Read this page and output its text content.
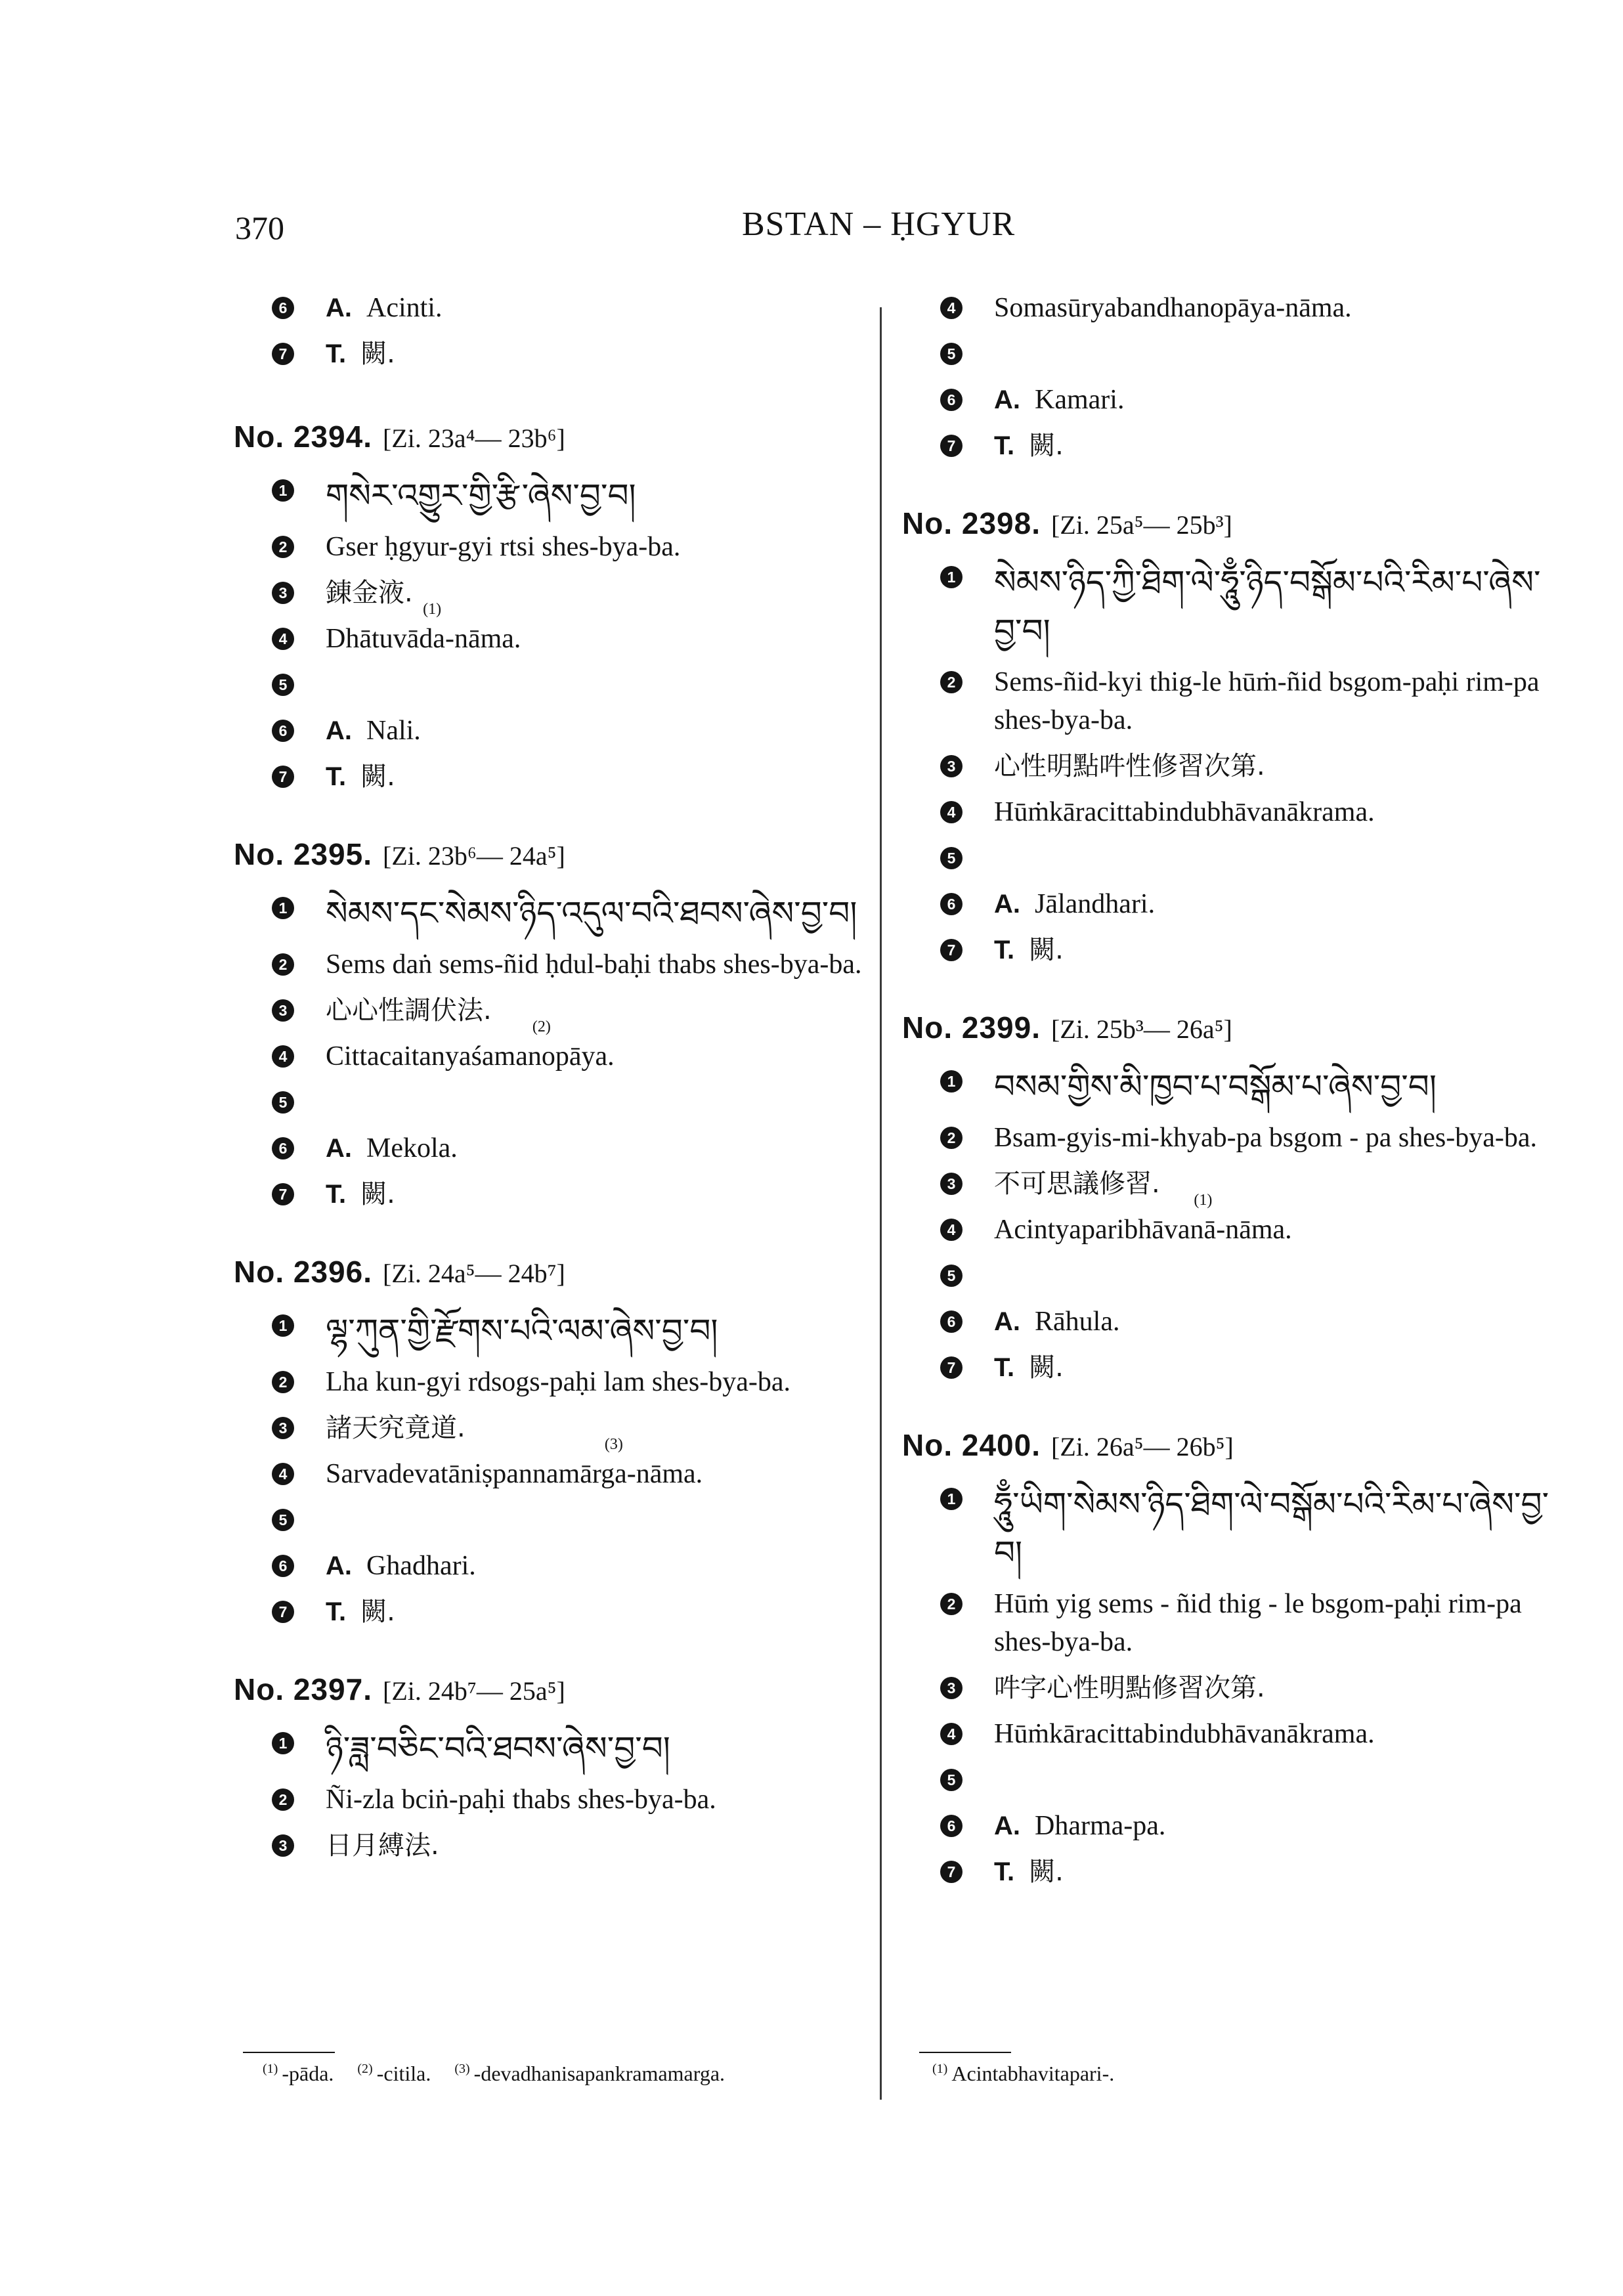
370	BSTAN – ḤGYUR
6 A. Acinti.
7 T. 闕.
No. 2394. [Zi. 23a⁴— 23b⁶]
1 གསེར་འགྱུར་གྱི་རྩི་ཞེས་བྱ་བ།
2 Gser ḥgyur-gyi rtsi shes-bya-ba.
3 錬金液.
4 Dhātuvāda
(1)
-nāma.
5
6 A. Nali.
7 T. 闕.
No. 2395. [Zi. 23b⁶— 24a⁵]
1 སེམས་དང་སེམས་ཉིད་འདུལ་བའི་ཐབས་ཞེས་བྱ་བ།
2 Sems daṅ sems-ñid ḥdul-baḥi thabs shes-bya-ba.
3 心心性調伏法.
4 Cittacaitanyaśamano
(2)
pāya.
5
6 A. Mekola.
7 T. 闕.
No. 2396. [Zi. 24a⁵— 24b⁷]
1 ལྷ་ཀུན་གྱི་རྫོགས་པའི་ལམ་ཞེས་བྱ་བ།
2 Lha kun-gyi rdsogs-paḥi lam shes-bya-ba.
3 諸天究竟道.
4 Sarvadevatāniṣpannamārga
(3)
-nāma.
5
6 A. Ghadhari.
7 T. 闕.
No. 2397. [Zi. 24b⁷— 25a⁵]
1 ཉི་ཟླ་བཅིང་བའི་ཐབས་ཞེས་བྱ་བ།
2 Ñi-zla bciṅ-paḥi thabs shes-bya-ba.
3 日月縛法.
4 Somasūryabandhanopāya-nāma.
5
6 A. Kamari.
7 T. 闕.
No. 2398. [Zi. 25a⁵— 25b³]
1 སེམས་ཉིད་ཀྱི་ཐིག་ལེ་ཧཱུྃ་ཉིད་བསྒོམ་པའི་རིམ་པ་ཞེས་བྱ་བ།
2 Sems-ñid-kyi thig-le hūṁ-ñid bsgom-paḥi rim-pa shes-bya-ba.
3 心性明點吽性修習次第.
4 Hūṁkāracittabindubhāvanākrama.
5
6 A. Jālandhari.
7 T. 闕.
No. 2399. [Zi. 25b³— 26a⁵]
1 བསམ་གྱིས་མི་ཁྱབ་པ་བསྒོམ་པ་ཞེས་བྱ་བ།
2 Bsam-gyis-mi-khyab-pa bsgom - pa shes-bya-ba.
3 不可思議修習.
4 Acintyaparibhāvanā
(1)
-nāma.
5
6 A. Rāhula.
7 T. 闕.
No. 2400. [Zi. 26a⁵— 26b⁵]
1 ཧཱུྃ་ཡིག་སེམས་ཉིད་ཐིག་ལེ་བསྒོམ་པའི་རིམ་པ་ཞེས་བྱ་བ།
2 Hūṁ yig sems - ñid thig - le bsgom-paḥi rim-pa shes-bya-ba.
3 吽字心性明點修習次第.
4 Hūṁkāracittabindubhāvanākrama.
5
6 A. Dharma-pa.
7 T. 闕.
$^{(1)}$ -pāda. $^{(2)}$ -citila. $^{(3)}$ -devadhanisapankramamarga.	$^{(1)}$ Acintabhavitapari-.
